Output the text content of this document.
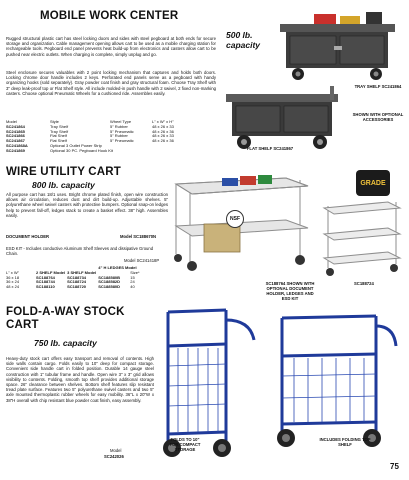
MOBILE WORK CENTER
500 lb. capacity
Rugged structural plastic cart has steel locking doors and sides with steel pegboard at both ends for secure storage and organization. Cable management opening allows cart to be used as a mobile charging station for rechargeable tools. Pegboard end panel prevents heat build-up from electronics and casters allow cart to be pushed near electric outlets. When charging is complete, simply unplug and go.
Steel enclosure secures valuables with 2 point locking mechanism that captures and holds both doors. Locking chrome door handle includes 2 keys. Perforated end panels serve as a pegboard with handy organizing hooks (sold separately). Gray powder coat finish and gray structural foam. Choose Tray Shelf with 3" deep leak-proof top or Flat Shelf style. All include molded-in push handle with 2 swivel, 2 fixed non-marking casters. Choose optional Pneumatic Wheels for a cushioned ride. Assembles easily.
Model	Style	Wheel Type	L" x W" x H"
SC241864	Tray Shelf	5" Rubber	48 x 26 x 33
SC241865	Tray Shelf	5" Pneumatic	48 x 26 x 36
SC241866	Flat Shelf	5" Rubber	48 x 26 x 33
SC241867	Flat Shelf	5" Pneumatic	48 x 26 x 36
SC241868A	Optional 3 Outlet Power Strip		
SC241869	Optional 30 PC. Pegboard Hook Kit		
TRAY SHELF SC241864
SHOWN WITH OPTIONAL ACCESSORIES
FLAT SHELF SC241867
WIRE UTILITY CART
800 lb. capacity
All purpose cart has 18/1 uses. Bright chrome plated finish, open wire construction allows air circulation, reduces dust and dirt build-up. Adjustable shelves. 5" polyurethane wheel swivel casters with protective bumpers. Optional snap-on ledges help to prevent fall-off, ledges stack to create a basket effect. 38" high. Assembles easily.
DOCUMENT HOLDER	Model SC188670N
ESD KIT - Includes conductive Aluminum Shelf Sleeves and dissipative Ground Chain.
Model SC241418P
			4" H LEDGES Model	
L" x W"	2 SHELF Model	3 SHELF Model		Size*
36 x 18	SC188764	SC188734	SC188580B	15
36 x 24	SC188744	SC188724	SC188582D	24
48 x 24	SC188110	SC188720	SC188580D	40
GRADE
NSF
SC188764 SHOWN WITH OPTIONAL DOCUMENT HOLDER, LEDGES AND ESD KIT
SC188724
FOLD-A-WAY STOCK CART
750 lb. capacity
Heavy-duty stock cart offers easy transport and removal of contents. High side walls contain cargo. Folds easily to 10" deep for compact storage. Convenient side handle cart in folded position. Durable 14 gauge steel construction with 1" tubular frame and handle. Open wire 3" x 3" grid allows visibility to contents. Folding, smooth top shelf provides additional storage space. 26" clearance between shelves. Bottom shelf features slip resistant tread plate surface. Features two 5" polyurethane swivel casters and two 5" axle mounted thermoplastic rubber wheels for easy mobility. 36"L x 20"W x 38"H overall with chip resistant blue powder coat finish, easy assembly.
Model
SC242026
FOLDS TO 10" FOR COMPACT STORAGE
INCLUDES FOLDING TOP SHELF
75
